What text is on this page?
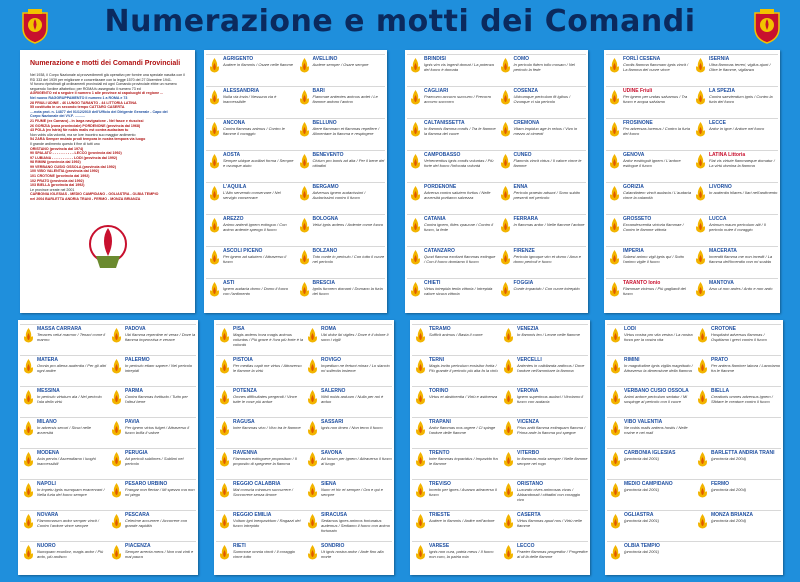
Numerazione e motti dei Comandi
Numerazione e motti dei Comandi Provinciali
Nel 1938, il Corpo Nazionale ai provvedimenti già operativo per fornire una speciale nascita con il
RD 333 del 1939 per migliorare e concretizzare con la legge 1570 del 27 Dicembre 1941.
Vi furono ripristinati gli ordinamenti provinciali ed ogni Comando provinciale ebbe un numero
seguendo l'ordine alfabetico; per ROMA fu assegnato il numero 73 ed
AGRIGENTO ed a seguire il numero 1 alle province ai capoluoghi di regione ...
Nel nuovo RAGGRUPPAMENTO il numero 1 a ROMA e 73
28 FRIULI UDINE - 46 LUNGO TARANTO - 44 LITTORIA LATINA
55 costituito in un secondo tempo CATTARO CASERTA
....nota prot. n. 14877 del 01/12/2010 dell'Ufficio del Dirigente Generale - Capo del
Corpo Nazionale dei VV.F. ..........
21 FIUME (ex Carnaro) - in larga navigazione - Nel fasce e riuscissi
26 GORIZIA (zona provinciale) PORDENONE (provincia dal 1968)
43 POLA (ex Istria) Ne nobis malis est contra audaciam tu
Non vobis ulla volontà, ma se lore incontro suo maggior ardimento
54 ZARA Semper mutato prodi tempora in nostra tempora via luogo
Il grande ardimento questo il fine di tutti uno
ORISTANO (provincia dal 1974)
90 SPALATO - - - - - - - - - - LECCO (provincia dal 1992)
97 LUBIANA - - - - - - - - - - LODI (provincia dal 1992)
98 RIMINI (provincia dal 1992)
99 VERBANO CUSIO OSSOLA (provincia dal 1992)
100 VIBO VALENTIA (provincia dal 1992)
101 CROTONE (provincia dal 1992)
102 PRATO (provincia dal 1992)
103 BIELLA (provincia dal 1992)
Le province create nel 2001
CARBONIA IGLESIAS - MEDIO CAMPIDANO - OGLIASTRA - OLBIA TEMPIO
nel 2004 BARLETTA ANDRIA TRANI - FERMO - MONZA BRIANZA
AGRIGENTO
Audere in flammis / Osare nelle fiamme
AVELLINO
Audere semper / Osare sempre
ALESSANDRIA
Nulla via invia / Nessuna via è inaccessibile
BARI
Flammae ardentes animus ardet / Le fiamme ardono l'animo
ANCONA
Contra flammas animus / Contro le fiamme il coraggio
BELLUNO
Atere flammam et flammas repellere / Alimentare la fiamma e respingere
AOSTA
Semper ubique auxiliari forma / Sempre e ovunque aiuto
BENEVENTO
Civium pro bonis ad alta / Per il bene dei cittadini
L'AQUILA
L'Alto servendo conservare / Nel servigio conservare
BERGAMO
Adversus ignem audacissimi / Audacissimi contro il fuoco
AREZZO
Animo ardenti ignem extinguo / Con animo ardente spengo il fuoco
BOLOGNA
Velut ignis ardens / Ardente come fuoco
ASCOLI PICENO
Per ignem ad salutem / Attraverso il fuoco
BOLZANO
Toto corde in periculo / Con tutto il cuore nel pericolo
ASTI
Ignem audacia domo / Domo il fuoco con l'ardimento
BRESCIA
Igniis furorem domant / Domano la furia del fuoco
BRINDISI
Ignis vim vis ingenii domat / La potenza del fuoco è domata
COMO
In periculo fidem tollo mosam / Nel pericolo la fede
CAGLIARI
Praecurro accurro succurro / Precorro accorro soccorro
COSENZA
Ubicumque periculum fit igibus / Ovunque ci sia pericolo
CALTANISSETTA
In flammis flamma cordis / Tra le fiamme la fiamma del cuore
CREMONA
Vitam impiduo age in rebus / Vivo in mezzo ai cimenti
CAMPOBASSO
Vehementius ignis cordis voluntas / Più forte del fuoco l'infocata volontà
CUNEO
Flammis vincit virtus / Il valore vince le fiamme
PORDENONE
Adversa contra salutem fortius / Nelle avversità portiamo salvezza
ENNA
Periculo praesto adsunt / Sono subito presenti nel pericolo
CATANIA
Contra ignem, fides vpaucae / Contro il fuoco, la fede
FERRARA
In flammas ardor / Nelle fiamme l'ardore
CATANZARO
Quod flamma excitant flammas extingue / Con il fuoco domiamo il fuoco
FIRENZE
Periculo ignoque vim et domo / Ama e domo pericoli e fuoco
CHIETI
Virtus intrepida tertia vittoria / Intrepida valore sicura vittoria
FOGGIA
Corde impavido / Con cuore intrepido
FORLÌ CESENA
Cordis flamma flammam ignis vincit / La fiamma del cuore vince
ISERNIA
Ultra flammas terreri, vigilus ajunt / Oltre le fiamme, vigilanza
UDINE Friuli
Per ignem per undas salvamus / Tra fuoco e acqua salviamo
LA SPEZIA
Contra saeviendum ignis / Contro la furia del fuoco
FROSINONE
Pro adversas lucenus / Contro la furia del fuoco
LECCE
Ardor in igne / Ardore nel fuoco
GENOVA
Ardor exstinguit ignem / L'ardore estingue il fuoco
LATINA Littoria
Fiat vis virtute flammaeque domatur / La virtù domina la fiamma
GORIZIA
Calamitatem vincit audacia / L'audacia vince la calamità
LIVORNO
In audentia hilares / Ilari nell'ardimento
GROSSETO
Excandescentia victoria flammae / Contro le fiamme vittoria
LUCCA
Animum maum periculum alit / Il pericolo nutre il coraggio
IMPERIA
Subest animo vigil ignis qui / Sotto l'animo vigile il fuoco
MACERATA
Incendit flamma me non incedit / La fiamma dell'incendio non mi scalda
TARANTO Ionio
Flammae vicimus / Più gagliardi del fuoco
MANTOVA
Arso ut non ardes / Ardo e non ardo
MASSA CARRARA
Tenaces velut marmor / Tenaci come il marmo
PADOVA
Ubi flamma repentine et verax / Dove la fiamma improvvisa e verace
MATERA
Omnia pro aliena audentia / Per gli altri ogni ardire
PALERMO
In periculo etiam sapere / Nel pericolo intrepidi
MESSINA
In periculo virtutum ala / Nel pericolo l'ala della virtù
PARMA
Contra flammas fortitudo / Tutto per l'altrui bene
MILANO
In adversis securi / Sicuri nelle avversità
PAVIA
Per ignem virtus fulget / Attraverso il fuoco brilla il valore
MODENA
Acia pervia / Ascendiamo i luoghi inaccessibili
PERUGIA
Ad periculi sublimes / Sublimi nel pericolo
NAPOLI
In impetu ignis numquam exacervant / Nella furia del fuoco sempre
PESARO URBINO
Frangar non flectar / Mi spezzo ma non mi piego
NOVARA
Flammmarum ardor semper vincit / Contro l'ardore vince sempre
PESCARA
Celerime accurrere / Accorrere con grande rapidità
NUORO
Numquam exuribor, magis ardor / Più ardo, più ardisco
PIACENZA
Semper arrecta mens / Non mai vinti e mai paura
PISA
Magis ardens hora magis animus voluntas / Più grave è l'ora più forte è la volontà
ROMA
Ubi dolor ibi vigiles / Dove è il dolore lì sono i vigili
PISTOIA
Per medias capit me virtus / Attraverso le fiamme la virtù
ROVIGO
Impedium ne fertunt minax / Lo slancio mi sollecita insieme
POTENZA
Omnes difficultates pergendi / Vince tutte le cose più ardue
SALERNO
Nihil nobis arduum / Nulla per noi è arduo
RAGUSA
Inter flammas vivo / Vivo tra le fiamme
SASSARI
Ignis non timeo / Non temo il fuoco
RAVENNA
Flammam extinguere propositum / Il proposito di spegnere la fiamma
SAVONA
Ad locum per ignem / Attraverso il fuoco al luogo
REGGIO CALABRIA
Mai conscia minarum succurrere / Soccorrere senza timore
SIENA
Nunc et hic et semper / Ora e qui e sempre
REGGIO EMILIA
Vultum igni inexpavidum / Ragazzi del fuoco intrepido
SIRACUSA
Sedamus ignes animos fortunatus audemus / Sediamo il fuoco con animo fortunato
RIETI
Summose omnia vincit / Il coraggio vince tutto
SONDRIO
Ut ignis nostra ardor / Arde fino alla morte
TERAMO
Sufficit animus / Basta il cuore
VENEZIA
In flammis leo / Leone nelle fiamme
TERNI
Magis invito periculum exsisitur fortia / Più grande il pericolo più alta fa la virtù
VERCELLI
Ardentes in calidianda ardimus / Dove l'ardore nell'ammirare la fiamma
TORINO
Virtus et abstinentia / Virtù e astinenza
VERONA
Ignem superimus audaci / Vinciamo il fuoco con audacia
TRAPANI
Ardor flammas nos urgere / Ci spinge l'ardore delle fiamme
VICENZA
Prius ardit flamma extinquam flamma / Prima arde la fiamma poi spegne
TRENTO
Inter flammas impavidus / Impavido fra le fiamme
VITERBO
In flammas mola semper / Nelle fiamme sempre nel rogo
TREVISO
Incedo per ignes / Avanzo attraverso il fuoco
ORISTANO
Luxundo cives animosas vivas / Abbandonati i cittadini con coraggio vivo
TRIESTE
Audere in flammis / Ardire nell'ardore
CASERTA
Virtus flammas apud nos / Virtù nelle fiamme
VARESE
Ignis non cura, patria meus / Il fuoco non curo, la patria mia
LECCO
Praeter flammas progredior / Progredire al di là delle fiamme
LODI
Virtus nostra pro vita vestra / La nostra forza per la vostra vita
CROTONE
Hospitaiot adversus flammas / Ospitiamo i greci contro il fuoco
RIMINI
In magnitudine ignis vigilia magnitudo / Attraverso la dimensione della fiamma
PRATO
Per ardens flaminer labora / Lavoriamo fra le fiamme
VERBANO CUSIO OSSOLA
Animi ardore periculum sedatur / Mi sospinge al pericolo con il cuore
BIELLA
Creatiuris omnes adversus ignem / Sfidare le creature contro il fuoco
VIBO VALENTIA
Ne nobis malis ardens hostis / Nelle rovine e nei mali
CARBONIA IGLESIAS
(provincia dal 2001)
BARLETTA ANDRIA TRANI
(provincia dal 2004)
MEDIO CAMPIDANO
(provincia dal 2001)
FERMO
(provincia dal 2004)
OGLIASTRA
(provincia dal 2001)
MONZA BRIANZA
(provincia dal 2004)
OLBIA TEMPIO
(provincia dal 2001)
